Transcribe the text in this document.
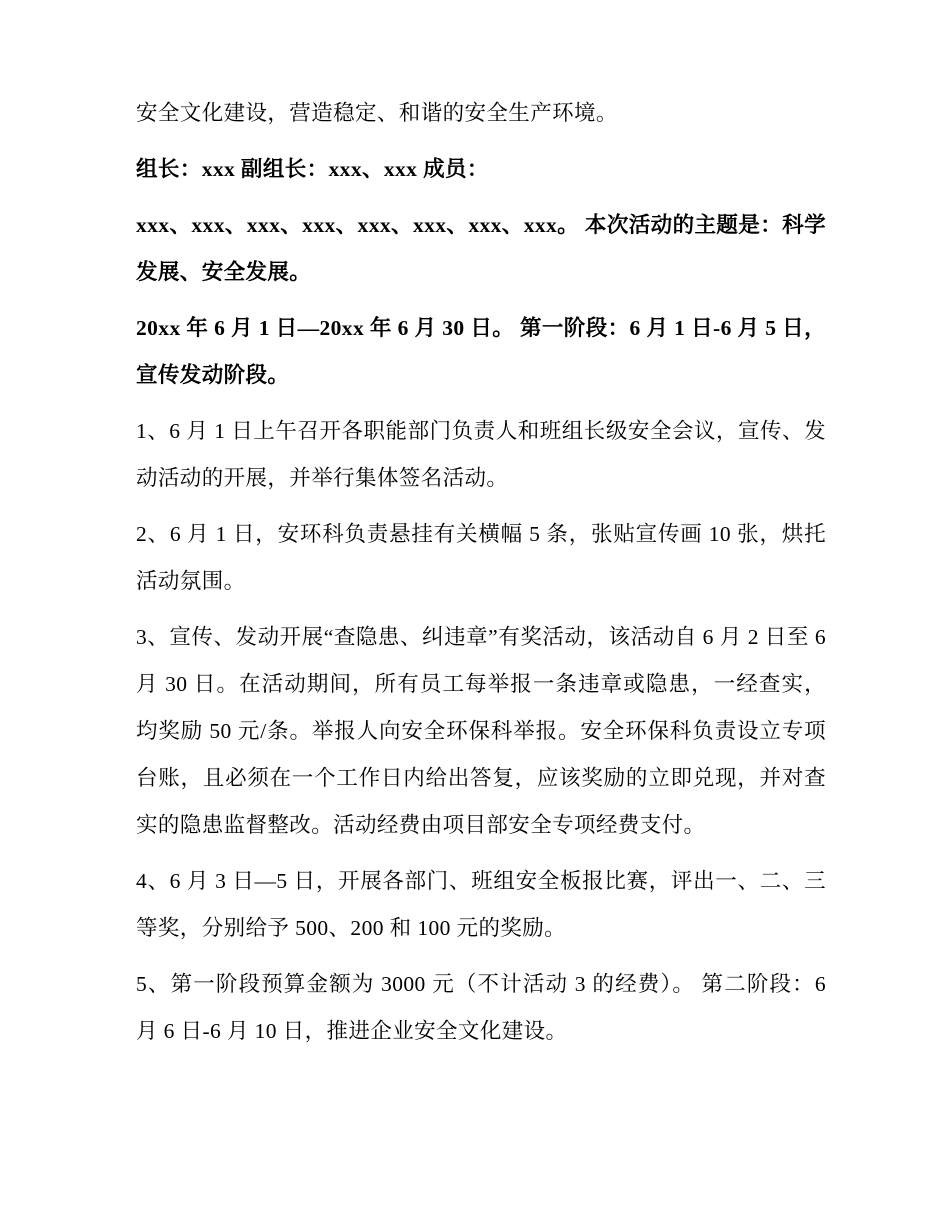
安全文化建设，营造稳定、和谐的安全生产环境。

组长：xxx 副组长：xxx、xxx 成员：

xxx、xxx、xxx、xxx、xxx、xxx、xxx、xxx。 本次活动的主题是：科学发展、安全发展。

20xx 年 6 月 1 日—20xx 年 6 月 30 日。 第一阶段：6 月 1 日-6 月 5 日，宣传发动阶段。

1、6 月 1 日上午召开各职能部门负责人和班组长级安全会议，宣传、发动活动的开展，并举行集体签名活动。

2、6 月 1 日，安环科负责悬挂有关横幅 5 条，张贴宣传画 10 张，烘托活动氛围。

3、宣传、发动开展“查隐患、纠违章”有奖活动，该活动自 6 月 2 日至 6 月 30 日。在活动期间，所有员工每举报一条违章或隐患，一经查实，均奖励 50 元/条。举报人向安全环保科举报。安全环保科负责设立专项台账，且必须在一个工作日内给出答复，应该奖励的立即兑现，并对查实的隐患监督整改。活动经费由项目部安全专项经费支付。

4、6 月 3 日—5 日，开展各部门、班组安全板报比赛，评出一、二、三等奖，分别给予 500、200 和 100 元的奖励。

5、第一阶段预算金额为 3000 元（不计活动 3 的经费）。 第二阶段：6 月 6 日-6 月 10 日，推进企业安全文化建设。
